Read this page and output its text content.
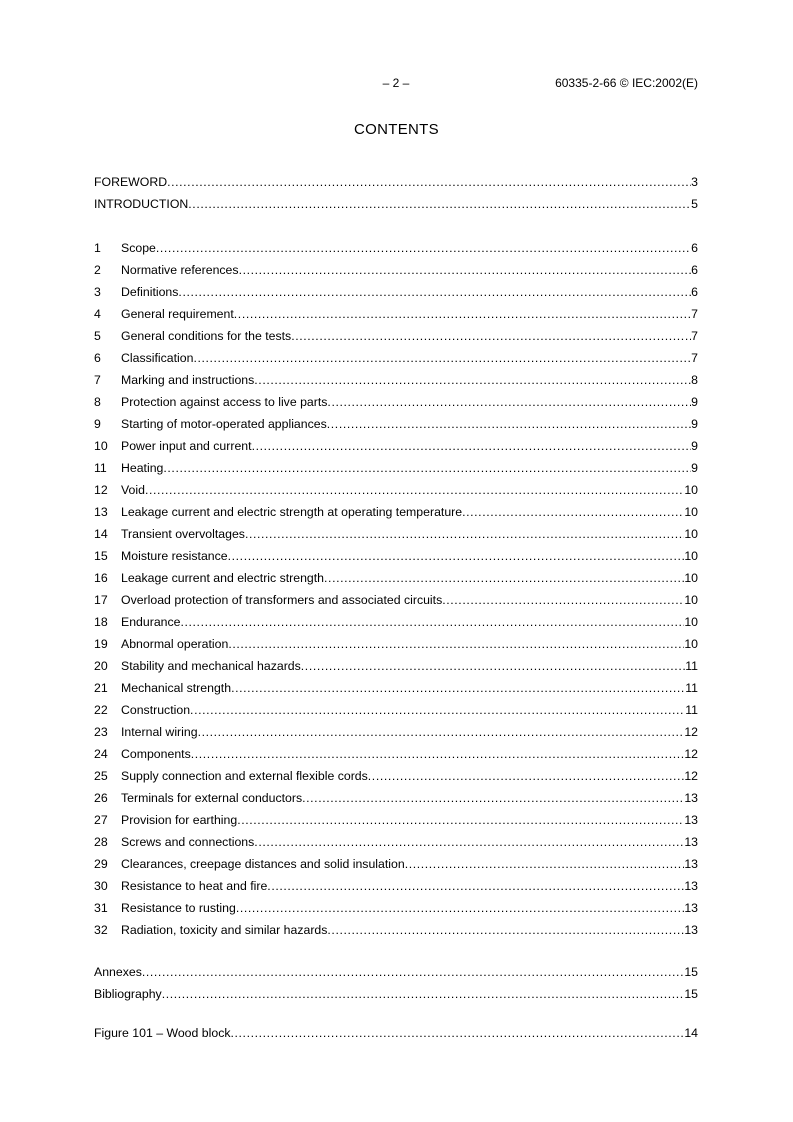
– 2 –	60335-2-66 © IEC:2002(E)
CONTENTS
FOREWORD .....	3
INTRODUCTION .....	5
1	Scope .....	6
2	Normative references .....	6
3	Definitions .....	6
4	General requirement .....	7
5	General conditions for the tests .....	7
6	Classification .....	7
7	Marking and instructions .....	8
8	Protection against access to live parts .....	9
9	Starting of motor-operated appliances .....	9
10	Power input and current .....	9
11	Heating .....	9
12	Void .....	10
13	Leakage current and electric strength at operating temperature .....	10
14	Transient overvoltages .....	10
15	Moisture resistance .....	10
16	Leakage current and electric strength .....	10
17	Overload protection of transformers and associated circuits .....	10
18	Endurance .....	10
19	Abnormal operation .....	10
20	Stability and mechanical hazards .....	11
21	Mechanical strength .....	11
22	Construction .....	11
23	Internal wiring .....	12
24	Components .....	12
25	Supply connection and external flexible cords .....	12
26	Terminals for external conductors .....	13
27	Provision for earthing .....	13
28	Screws and connections .....	13
29	Clearances, creepage distances and solid insulation .....	13
30	Resistance to heat and fire .....	13
31	Resistance to rusting .....	13
32	Radiation, toxicity and similar hazards .....	13
Annexes .....	15
Bibliography .....	15
Figure 101 – Wood block .....	14
